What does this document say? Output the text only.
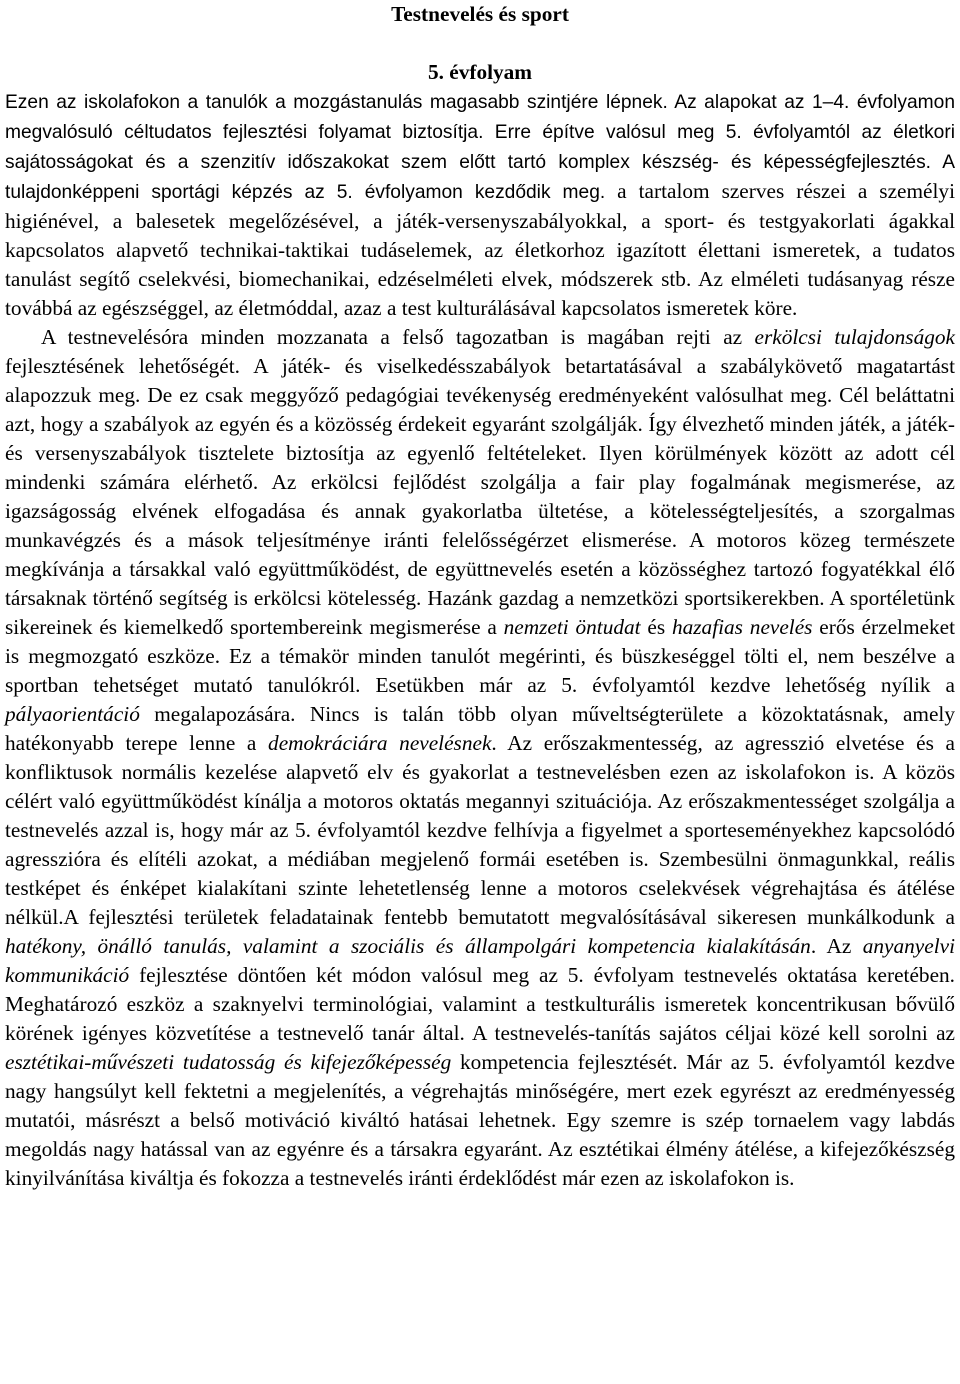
Testnevelés és sport
5. évfolyam

Ezen az iskolafokon a tanulók a mozgástanulás magasabb szintjére lépnek. Az alapokat az 1–4. évfolyamon megvalósuló céltudatos fejlesztési folyamat biztosítja. Erre építve valósul meg 5. évfolyamtól az életkori sajátosságokat és a szenzitív időszakokat szem előtt tartó komplex készség- és képességfejlesztés. A tulajdonképpeni sportági képzés az 5. évfolyamon kezdődik meg. a tartalom szerves részei a személyi higiénével, a balesetek megelőzésével, a játék-versenyszabályokkal, a sport- és testgyakorlati ágakkal kapcsolatos alapvető technikai-taktikai tudáselemek, az életkorhoz igazított élettani ismeretek, a tudatos tanulást segítő cselekvési, biomechanikai, edzéselméleti elvek, módszerek stb. Az elméleti tudásanyag része továbbá az egészséggel, az életmóddal, azaz a test kulturálásával kapcsolatos ismeretek köre.

A testnevelésóra minden mozzanata a felső tagozatban is magában rejti az erkölcsi tulajdonságok fejlesztésének lehetőségét. A játék- és viselkedésszabályok betartatásával a szabálykövető magatartást alapozzuk meg. De ez csak meggyőző pedagógiai tevékenység eredményeként valósulhat meg. Cél beláttatni azt, hogy a szabályok az egyén és a közösség érdekeit egyaránt szolgálják. Így élvezhető minden játék, a játék- és versenyszabályok tisztelete biztosítja az egyenlő feltételeket. Ilyen körülmények között az adott cél mindenki számára elérhető. Az erkölcsi fejlődést szolgálja a fair play fogalmának megismerése, az igazságosság elvének elfogadása és annak gyakorlatba ültetése, a kötelességteljesítés, a szorgalmas munkavégzés és a mások teljesítménye iránti felelősségérzet elismerése. A motoros közeg természete megkívánja a társakkal való együttműködést, de együttnevelés esetén a közösséghez tartozó fogyatékkal élő társaknak történő segítség is erkölcsi kötelesség. Hazánk gazdag a nemzetközi sportsikerekben. A sportéletünk sikereinek és kiemelkedő sportembereink megismerése a nemzeti öntudat és hazafias nevelés erős érzelmeket is megmozgató eszköze. Ez a témakör minden tanulót megérinti, és büszkeséggel tölti el, nem beszélve a sportban tehetséget mutató tanulókról. Esetükben már az 5. évfolyamtól kezdve lehetőség nyílik a pályaorientáció megalapozására. Nincs is talán több olyan műveltségterülete a közoktatásnak, amely hatékonyabb terepe lenne a demokráciára nevelésnek. Az erőszakmentesség, az agresszió elvetése és a konfliktusok normális kezelése alapvető elv és gyakorlat a testnevelésben ezen az iskolafokon is. A közös célért való együttműködést kínálja a motoros oktatás megannyi szituációja. Az erőszakmentességet szolgálja a testnevelés azzal is, hogy már az 5. évfolyamtól kezdve felhívja a figyelmet a sporteseményekhez kapcsolódó agresszióra és elítéli azokat, a médiában megjelenő formái esetében is. Szembesülni önmagunkkal, reális testképet és énképet kialakítani szinte lehetetlenség lenne a motoros cselekvések végrehajtása és átélése nélkül.A fejlesztési területek feladatainak fentebb bemutatott megvalósításával sikeresen munkálkodunk a hatékony, önálló tanulás, valamint a szociális és állampolgári kompetencia kialakításán. Az anyanyelvi kommunikáció fejlesztése döntően két módon valósul meg az 5. évfolyam testnevelés oktatása keretében. Meghatározó eszköz a szaknyelvi terminológiai, valamint a testkulturális ismeretek koncentrikusan bővülő körének igényes közvetítése a testnevelő tanár által. A testnevelés-tanítás sajátos céljai közé kell sorolni az esztétikai-művészeti tudatosság és kifejezőképesség kompetencia fejlesztését. Már az 5. évfolyamtól kezdve nagy hangsúlyt kell fektetni a megjelenítés, a végrehajtás minőségére, mert ezek egyrészt az eredményesség mutatói, másrészt a belső motiváció kiváltó hatásai lehetnek. Egy szemre is szép tornaelem vagy labdás megoldás nagy hatással van az egyénre és a társakra egyaránt. Az esztétikai élmény átélése, a kifejezőkészség kinyilvánítása kiváltja és fokozza a testnevelés iránti érdeklődést már ezen az iskolafokon is.
